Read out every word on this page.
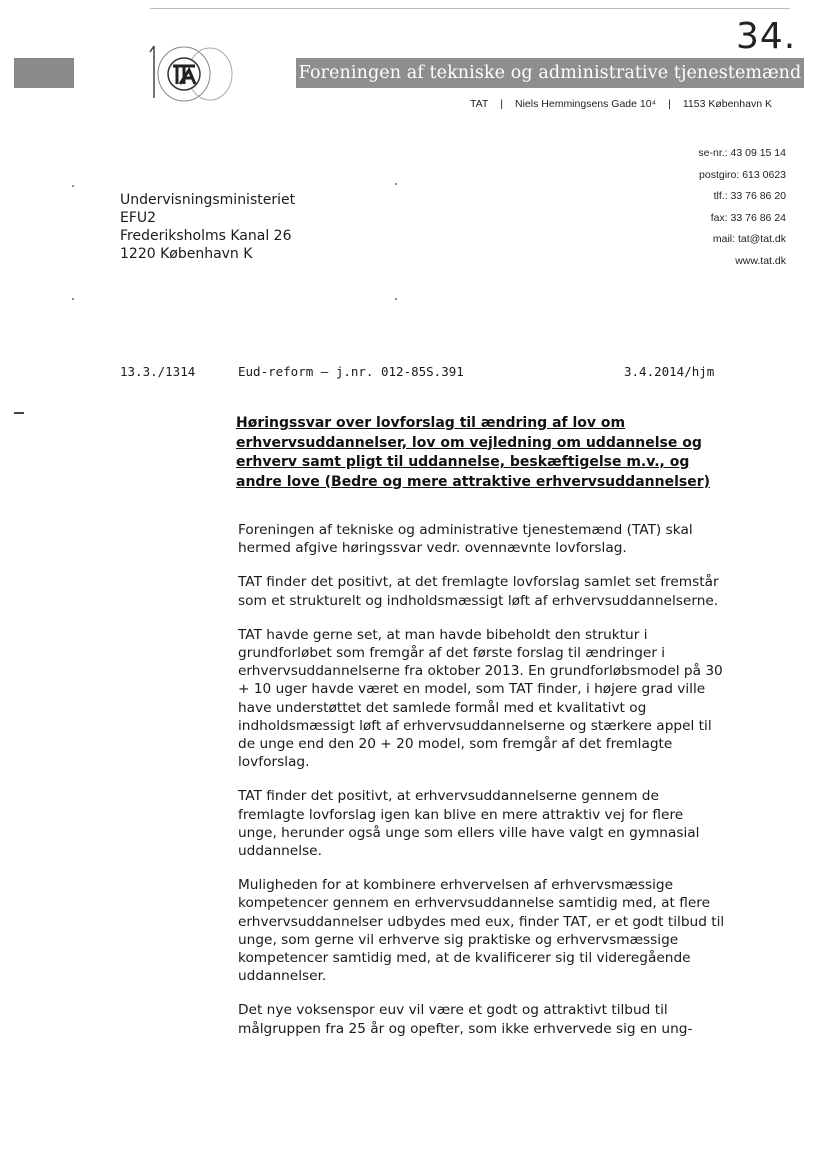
34.
Foreningen af tekniske og administrative tjenestemænd
TAT | Niels Hemmingsens Gade 10⁴ | 1153 København K
se-nr.: 43 09 15 14
postgiro: 613 0623
tlf.: 33 76 86 20
fax: 33 76 86 24
mail: tat@tat.dk
www.tat.dk
Undervisningsministeriet
EFU2
Frederiksholms Kanal 26
1220 København K
13.3./1314	Eud-reform – j.nr. 012-85S.391	3.4.2014/hjm
Høringssvar over lovforslag til ændring af lov om erhvervsuddannelser, lov om vejledning om uddannelse og erhverv samt pligt til uddannelse, beskæftigelse m.v., og andre love (Bedre og mere attraktive erhvervsuddannelser)

Foreningen af tekniske og administrative tjenestemænd (TAT) skal hermed afgive høringssvar vedr. ovennævnte lovforslag.

TAT finder det positivt, at det fremlagte lovforslag samlet set fremstår som et strukturelt og indholdsmæssigt løft af erhvervsuddannelserne.

TAT havde gerne set, at man havde bibeholdt den struktur i grundforløbet som fremgår af det første forslag til ændringer i erhvervsuddannelserne fra oktober 2013. En grundforløbsmodel på 30 + 10 uger havde været en model, som TAT finder, i højere grad ville have understøttet det samlede formål med et kvalitativt og indholdsmæssigt løft af erhvervsuddannelserne og stærkere appel til de unge end den 20 + 20 model, som fremgår af det fremlagte lovforslag.

TAT finder det positivt, at erhvervsuddannelserne gennem de fremlagte lovforslag igen kan blive en mere attraktiv vej for flere unge, herunder også unge som ellers ville have valgt en gymnasial uddannelse.

Muligheden for at kombinere erhvervelsen af erhvervsmæssige kompetencer gennem en erhvervsuddannelse samtidig med, at flere erhvervsuddannelser udbydes med eux, finder TAT, er et godt tilbud til unge, som gerne vil erhverve sig praktiske og erhvervsmæssige kompetencer samtidig med, at de kvalificerer sig til videregående uddannelser.

Det nye voksenspor euv vil være et godt og attraktivt tilbud til målgruppen fra 25 år og opefter, som ikke erhvervede sig en ung-
